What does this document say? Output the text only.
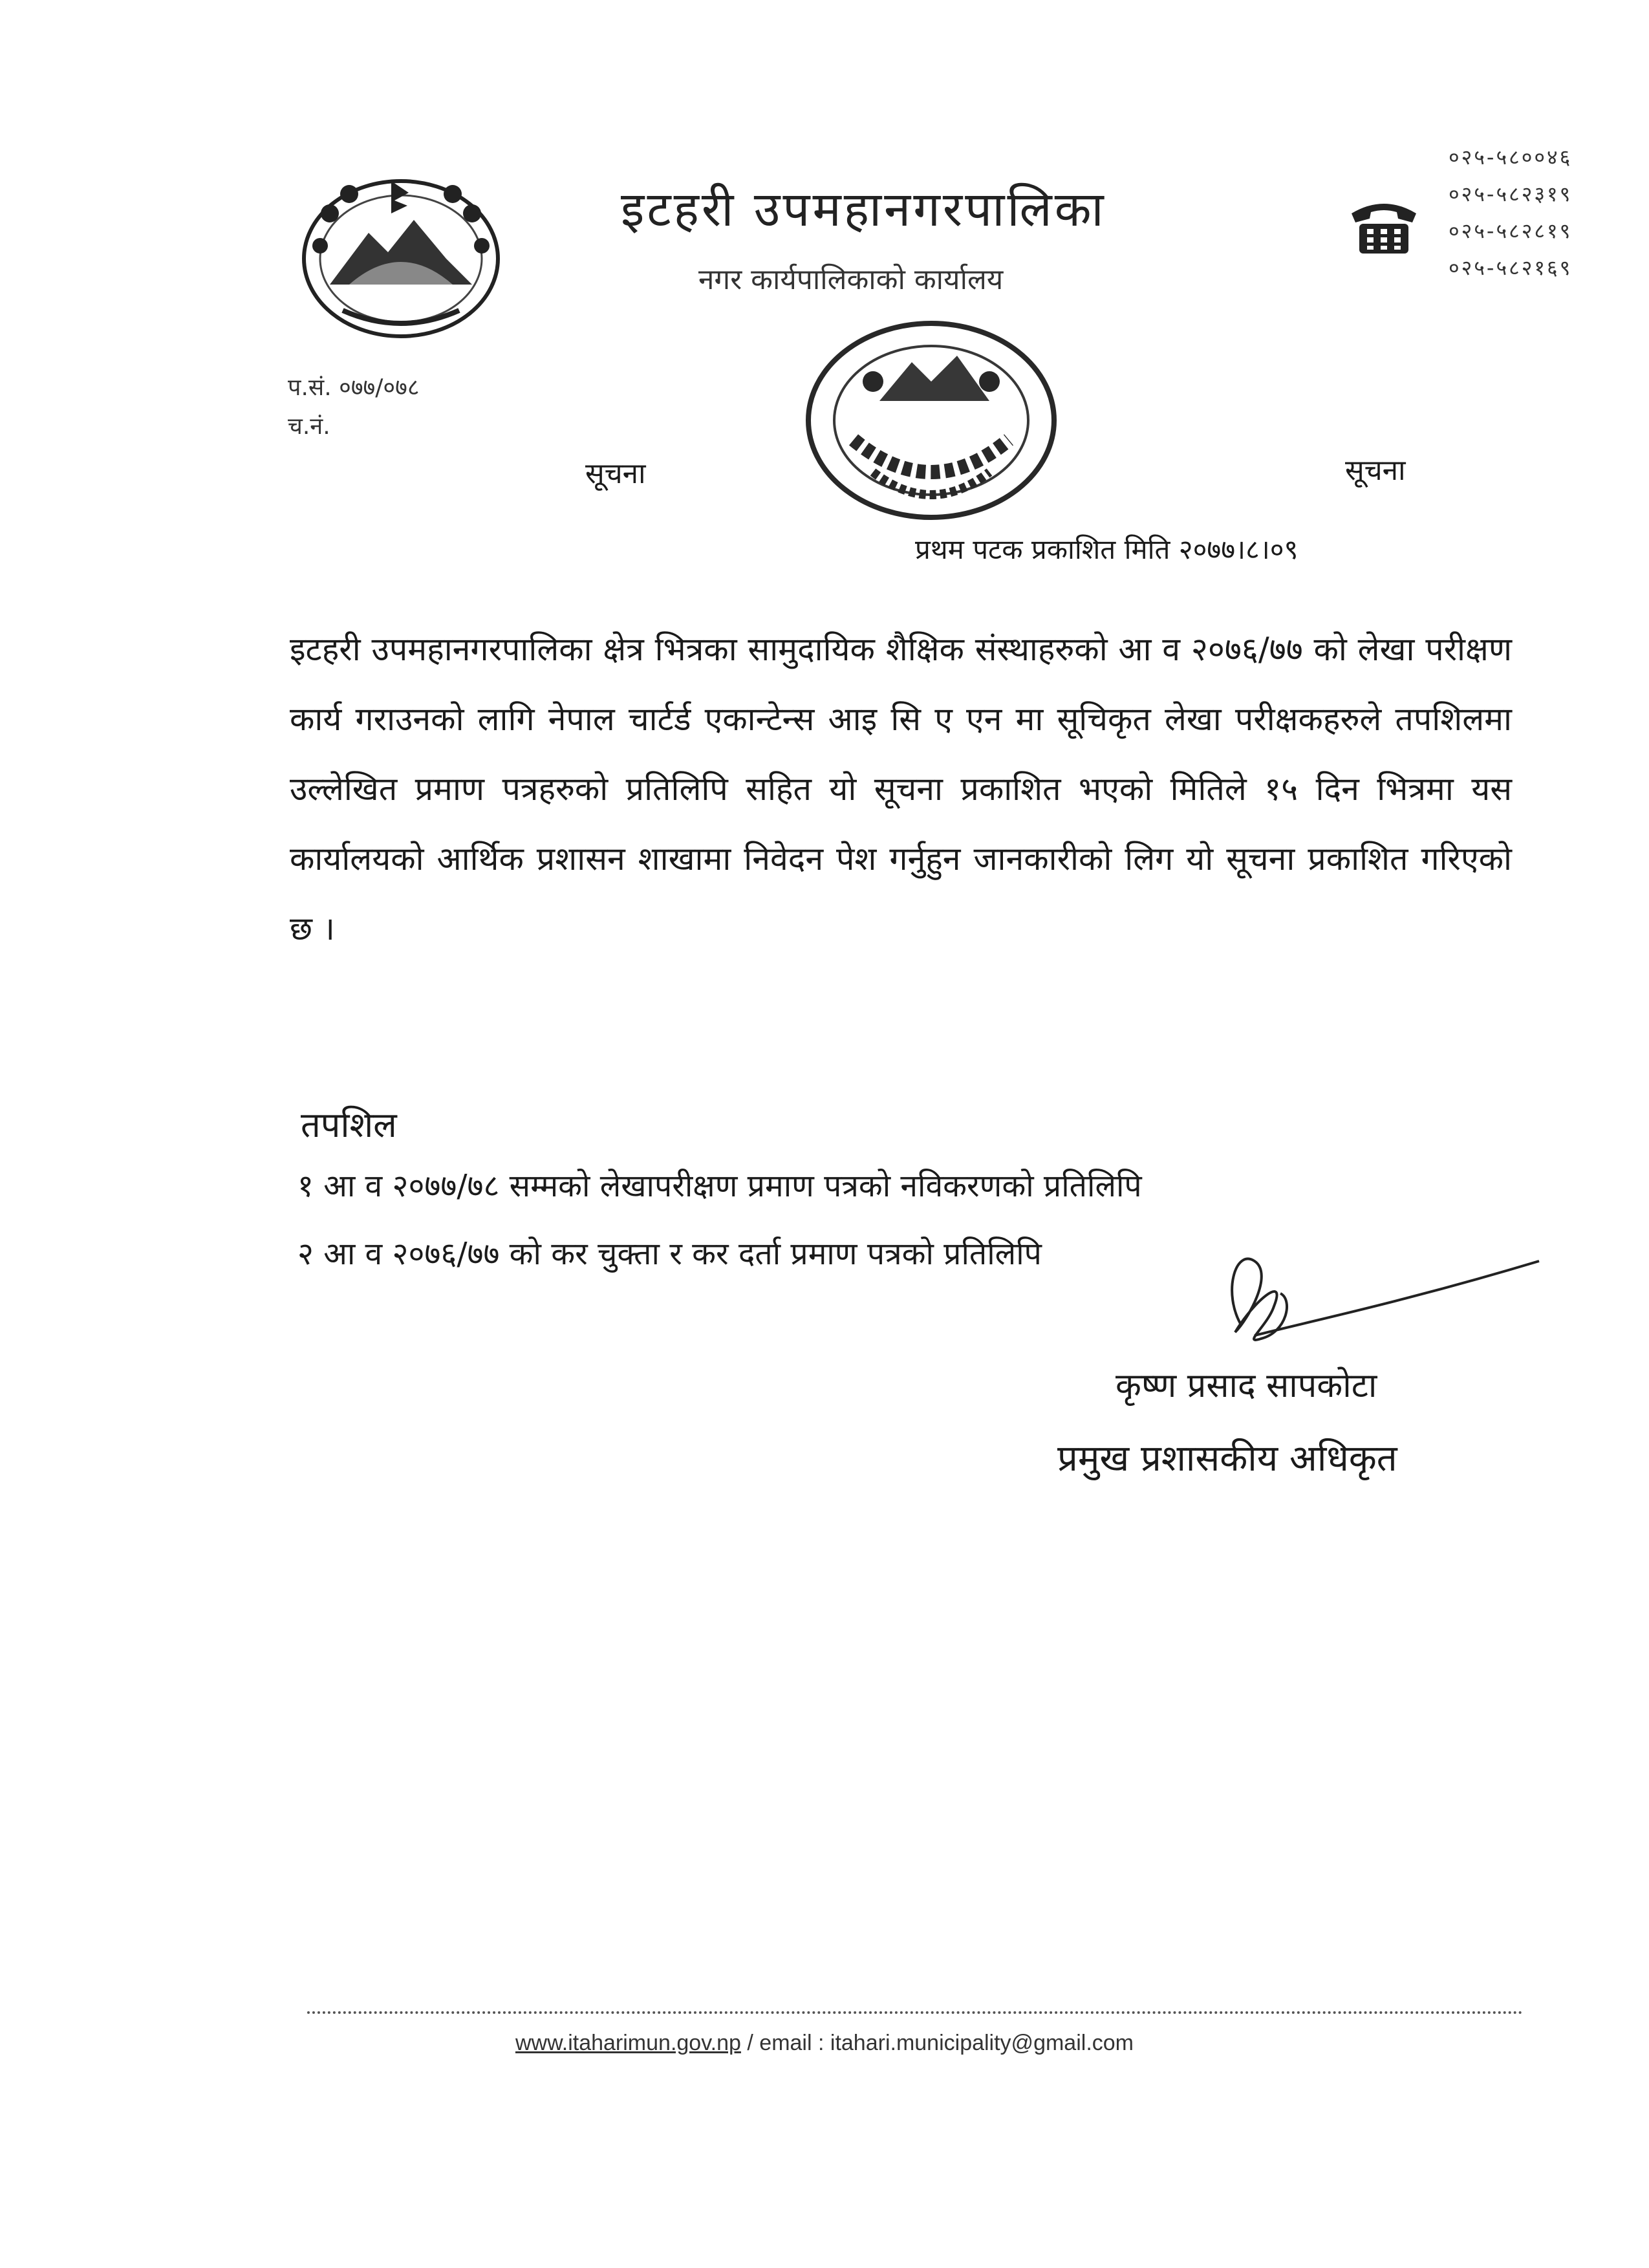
इटहरी उपमहानगरपालिका
नगर कार्यपालिकाको कार्यालय
०२५-५८००४६
०२५-५८२३१९
०२५-५८२८१९
०२५-५८२१६९
प.सं. ०७७/०७८
च.नं.
सूचना	सूचना
प्रथम पटक प्रकाशित मिति २०७७।८।०९
इटहरी उपमहानगरपालिका क्षेत्र भित्रका सामुदायिक शैक्षिक संस्थाहरुको आ व २०७६/७७ को लेखा परीक्षण कार्य गराउनको लागि नेपाल चार्टर्ड एकान्टेन्स आइ सि ए एन मा सूचिकृत लेखा परीक्षकहरुले तपशिलमा उल्लेखित प्रमाण पत्रहरुको प्रतिलिपि सहित यो सूचना प्रकाशित भएको मितिले १५ दिन भित्रमा यस कार्यालयको आर्थिक प्रशासन शाखामा निवेदन पेश गर्नुहुन जानकारीको लिग यो सूचना प्रकाशित गरिएको छ ।
तपशिल
१ आ व २०७७/७८ सम्मको लेखापरीक्षण प्रमाण पत्रको नविकरणको प्रतिलिपि
२ आ व २०७६/७७ को कर चुक्ता र कर दर्ता प्रमाण पत्रको प्रतिलिपि
कृष्ण प्रसाद सापकोटा
प्रमुख प्रशासकीय अधिकृत
www.itaharimun.gov.np / email : itahari.municipality@gmail.com
